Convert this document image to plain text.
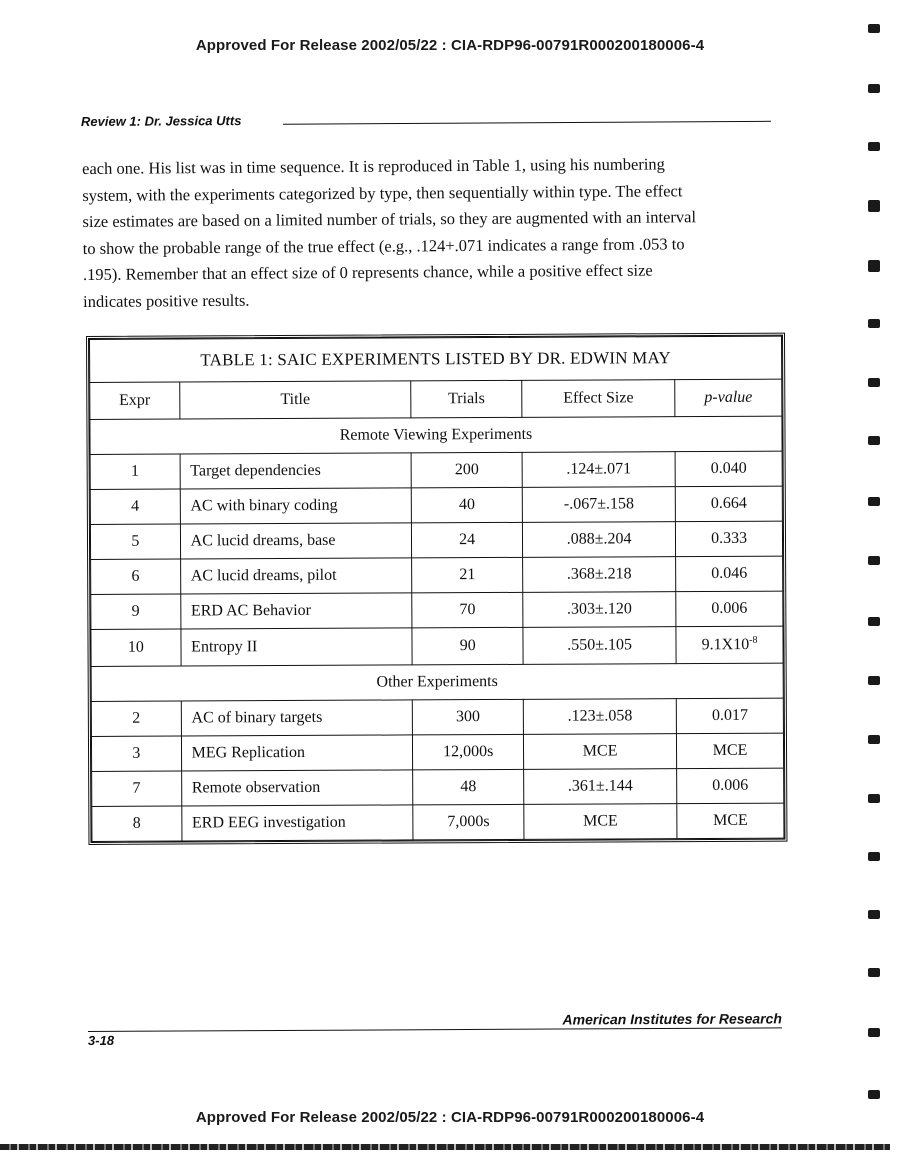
Approved For Release 2002/05/22 : CIA-RDP96-00791R000200180006-4
Review 1: Dr. Jessica Utts
each one. His list was in time sequence. It is reproduced in Table 1, using his numbering
system, with the experiments categorized by type, then sequentially within type. The effect
size estimates are based on a limited number of trials, so they are augmented with an interval
to show the probable range of the true effect (e.g., .124+.071 indicates a range from .053 to
.195). Remember that an effect size of 0 represents chance, while a positive effect size
indicates positive results.
TABLE 1: SAIC EXPERIMENTS LISTED BY DR. EDWIN MAY				
Expr	Title	Trials	Effect Size	p-value
Remote Viewing Experiments				
1	Target dependencies	200	.124±.071	0.040
4	AC with binary coding	40	-.067±.158	0.664
5	AC lucid dreams, base	24	.088±.204	0.333
6	AC lucid dreams, pilot	21	.368±.218	0.046
9	ERD AC Behavior	70	.303±.120	0.006
10	Entropy II	90	.550±.105	$9.1X10^{-8}$
Other Experiments				
2	AC of binary targets	300	.123±.058	0.017
3	MEG Replication	12,000s	MCE	MCE
7	Remote observation	48	.361±.144	0.006
8	ERD EEG investigation	7,000s	MCE	MCE
3-18
American Institutes for Research
Approved For Release 2002/05/22 : CIA-RDP96-00791R000200180006-4
